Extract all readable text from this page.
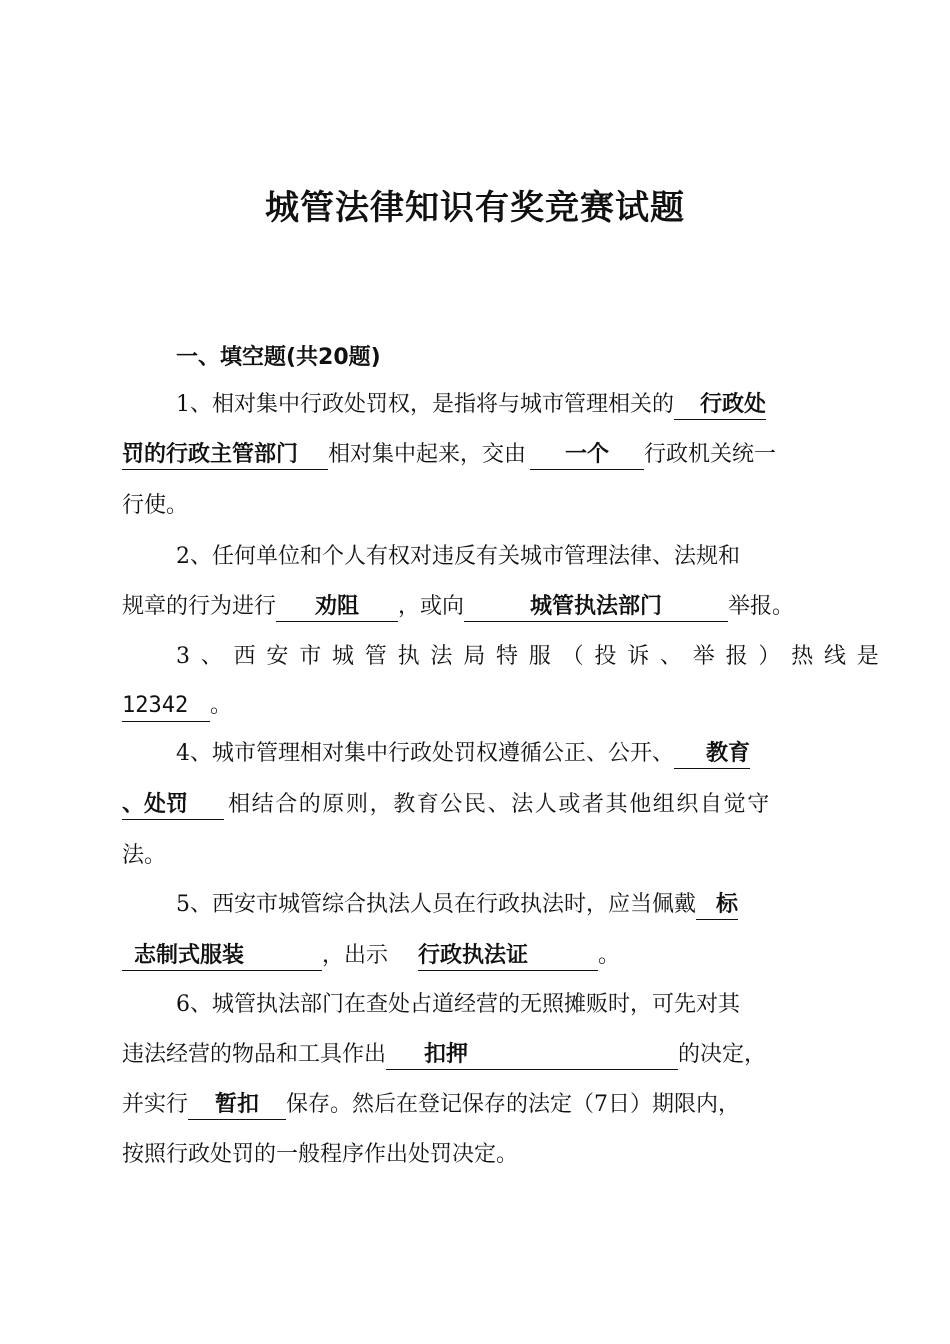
城管法律知识有奖竞赛试题
一、填空题(共20题)
1、相对集中行政处罚权，是指将与城市管理相关的 行政处
罚的行政主管部门 相对集中起来，交由 一个 行政机关统一
行使。
2、任何单位和个人有权对违反有关城市管理法律、法规和
规章的行为进行 劝阻 ，或向	城管执法部门	举报。
3、西安市城管执法局特服（投诉、举报）热线是
12342 。
4、城市管理相对集中行政处罚权遵循公正、公开、 教育
、处罚 相结合的原则，教育公民、法人或者其他组织自觉守
法。
5、西安市城管综合执法人员在行政执法时，应当佩戴 标
志制式服装	，出示 行政执法证	。
6、城管执法部门在查处占道经营的无照摊贩时，可先对其
违法经营的物品和工具作出 扣押	的决定，
并实行 暂扣 保存。然后在登记保存的法定（7日）期限内，
按照行政处罚的一般程序作出处罚决定。
